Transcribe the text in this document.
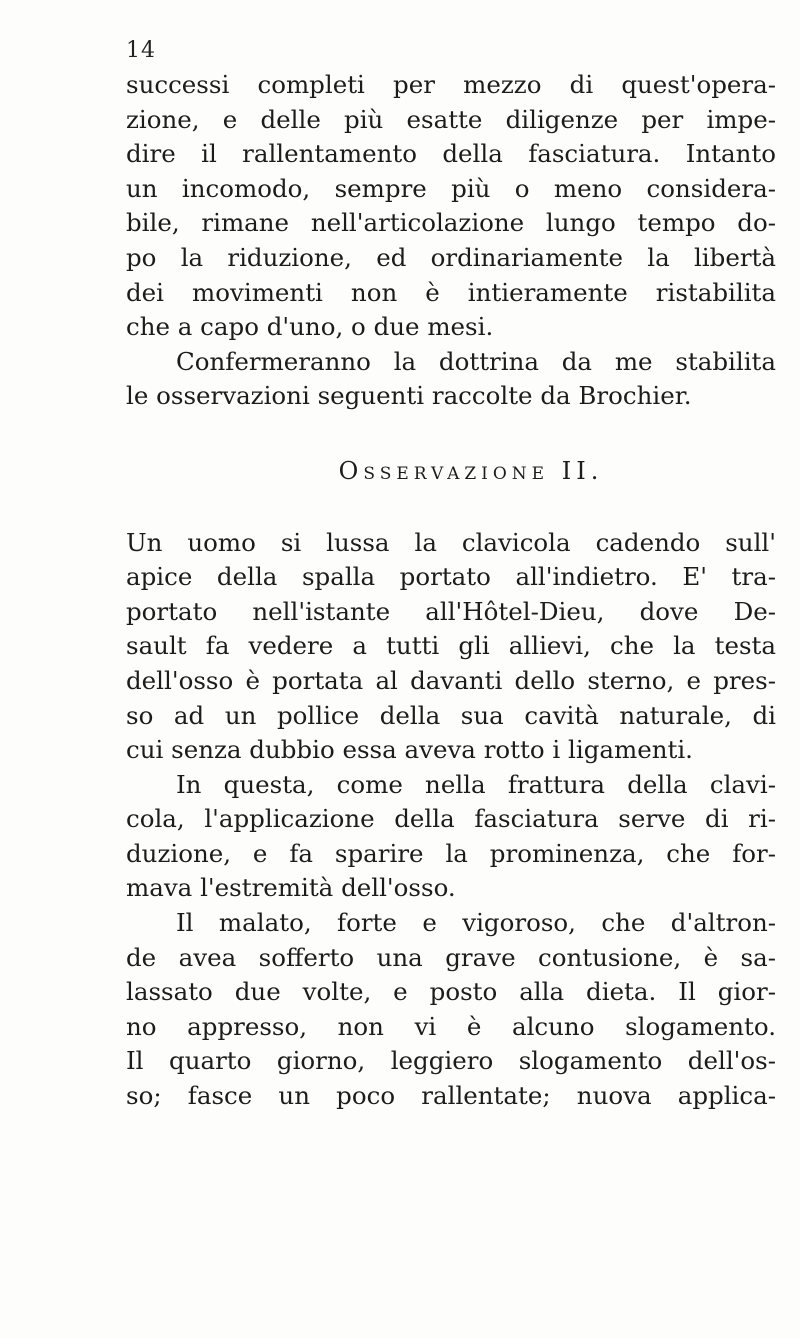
14
successi completi per mezzo di quest'opera-
zione, e delle più esatte diligenze per impe-
dire il rallentamento della fasciatura. Intanto
un incomodo, sempre più o meno considera-
bile, rimane nell'articolazione lungo tempo do-
po la riduzione, ed ordinariamente la libertà
dei movimenti non è intieramente ristabilita
che a capo d'uno, o due mesi.
Confermeranno la dottrina da me stabilita
le osservazioni seguenti raccolte da Brochier.
OSSERVAZIONE II.
Un uomo si lussa la clavicola cadendo sull'
apice della spalla portato all'indietro. E' tra-
portato nell'istante all'Hôtel-Dieu, dove De-
sault fa vedere a tutti gli allievi, che la testa
dell'osso è portata al davanti dello sterno, e pres-
so ad un pollice della sua cavità naturale, di
cui senza dubbio essa aveva rotto i ligamenti.
In questa, come nella frattura della clavi-
cola, l'applicazione della fasciatura serve di ri-
duzione, e fa sparire la prominenza, che for-
mava l'estremità dell'osso.
Il malato, forte e vigoroso, che d'altron-
de avea sofferto una grave contusione, è sa-
lassato due volte, e posto alla dieta. Il gior-
no appresso, non vi è alcuno slogamento.
Il quarto giorno, leggiero slogamento dell'os-
so; fasce un poco rallentate; nuova applica-
